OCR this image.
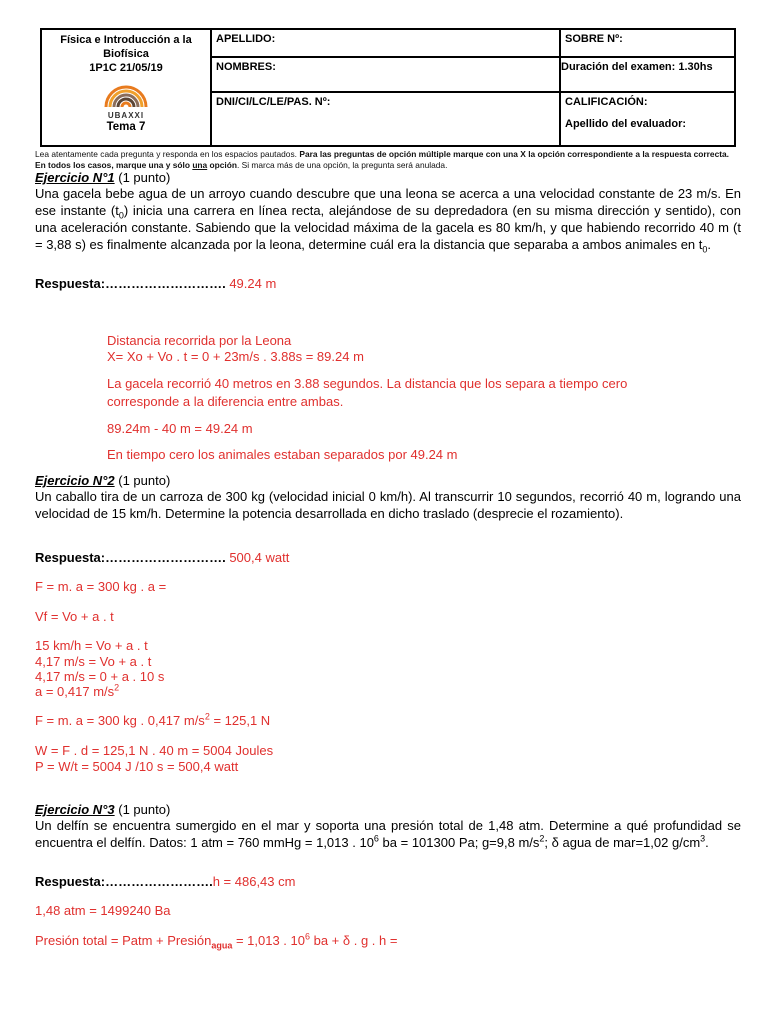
Física e Introducción a la
Biofísica
1P1C 21/05/19
UBAXXI
Tema 7	APELLIDO:	SOBRE Nº:
	NOMBRES:	Duración del examen: 1.30hs
	DNI/CI/LC/LE/PAS. Nº:	CALIFICACIÓN:
Apellido del evaluador:
Lea atentamente cada pregunta y responda en los espacios pautados. Para las preguntas de opción múltiple marque con una X la opción correspondiente a la respuesta correcta. En todos los casos, marque una y sólo una opción. Si marca más de una opción, la pregunta será anulada.
Ejercicio N°1 (1 punto)
Una gacela bebe agua de un arroyo cuando descubre que una leona se acerca a una velocidad constante de 23 m/s. En ese instante $(t_0)$ inicia una carrera en línea recta, alejándose de su depredadora (en su misma dirección y sentido), con una aceleración constante. Sabiendo que la velocidad máxima de la gacela es 80 km/h, y que habiendo recorrido 40 m (t = 3,88 s) es finalmente alcanzada por la leona, determine cuál era la distancia que separaba a ambos animales en $t_0$.
Respuesta:………………………. 49.24 m
Distancia recorrida por la Leona
X= Xo + Vo . t = 0 + 23m/s . 3.88s = 89.24 m
La gacela recorrió 40 metros en 3.88 segundos. La distancia que los separa a tiempo cero corresponde a la diferencia entre ambas.
89.24m - 40 m = 49.24 m
En tiempo cero los animales estaban separados por 49.24 m
Ejercicio N°2 (1 punto)
Un caballo tira de un carroza de 300 kg (velocidad inicial 0 km/h). Al transcurrir 10 segundos, recorrió 40 m, logrando una velocidad de 15 km/h. Determine la potencia desarrollada en dicho traslado (desprecie el rozamiento).
Respuesta:………………………. 500,4 watt
F = m. a = 300 kg . a =
Vf = Vo + a . t
15 km/h = Vo + a . t
4,17 m/s = Vo + a . t
4,17 m/s = 0 + a . 10 s
a = 0,417 $m/s^2$
F = m. a = 300 kg . 0,417 $m/s^2 = 125,1$ N
W = F . d = 125,1 N . 40 m = 5004 Joules
P = W/t = 5004 J /10 s = 500,4 watt
Ejercicio N°3 (1 punto)
Un delfín se encuentra sumergido en el mar y soporta una presión total de 1,48 atm. Determine a qué profundidad se encuentra el delfín. Datos: 1 atm = 760 mmHg = 1,013 . $10^6$ ba = 101300 Pa; g=9,8 $m/s^2$; δ agua de mar=1,02 $g/cm^3$.
Respuesta:…………………….h = 486,43 cm
1,48 atm = 1499240 Ba
Presión total = Patm + Presión$_{agua}$ = 1,013 . $10^6$ ba + δ . g . h =
